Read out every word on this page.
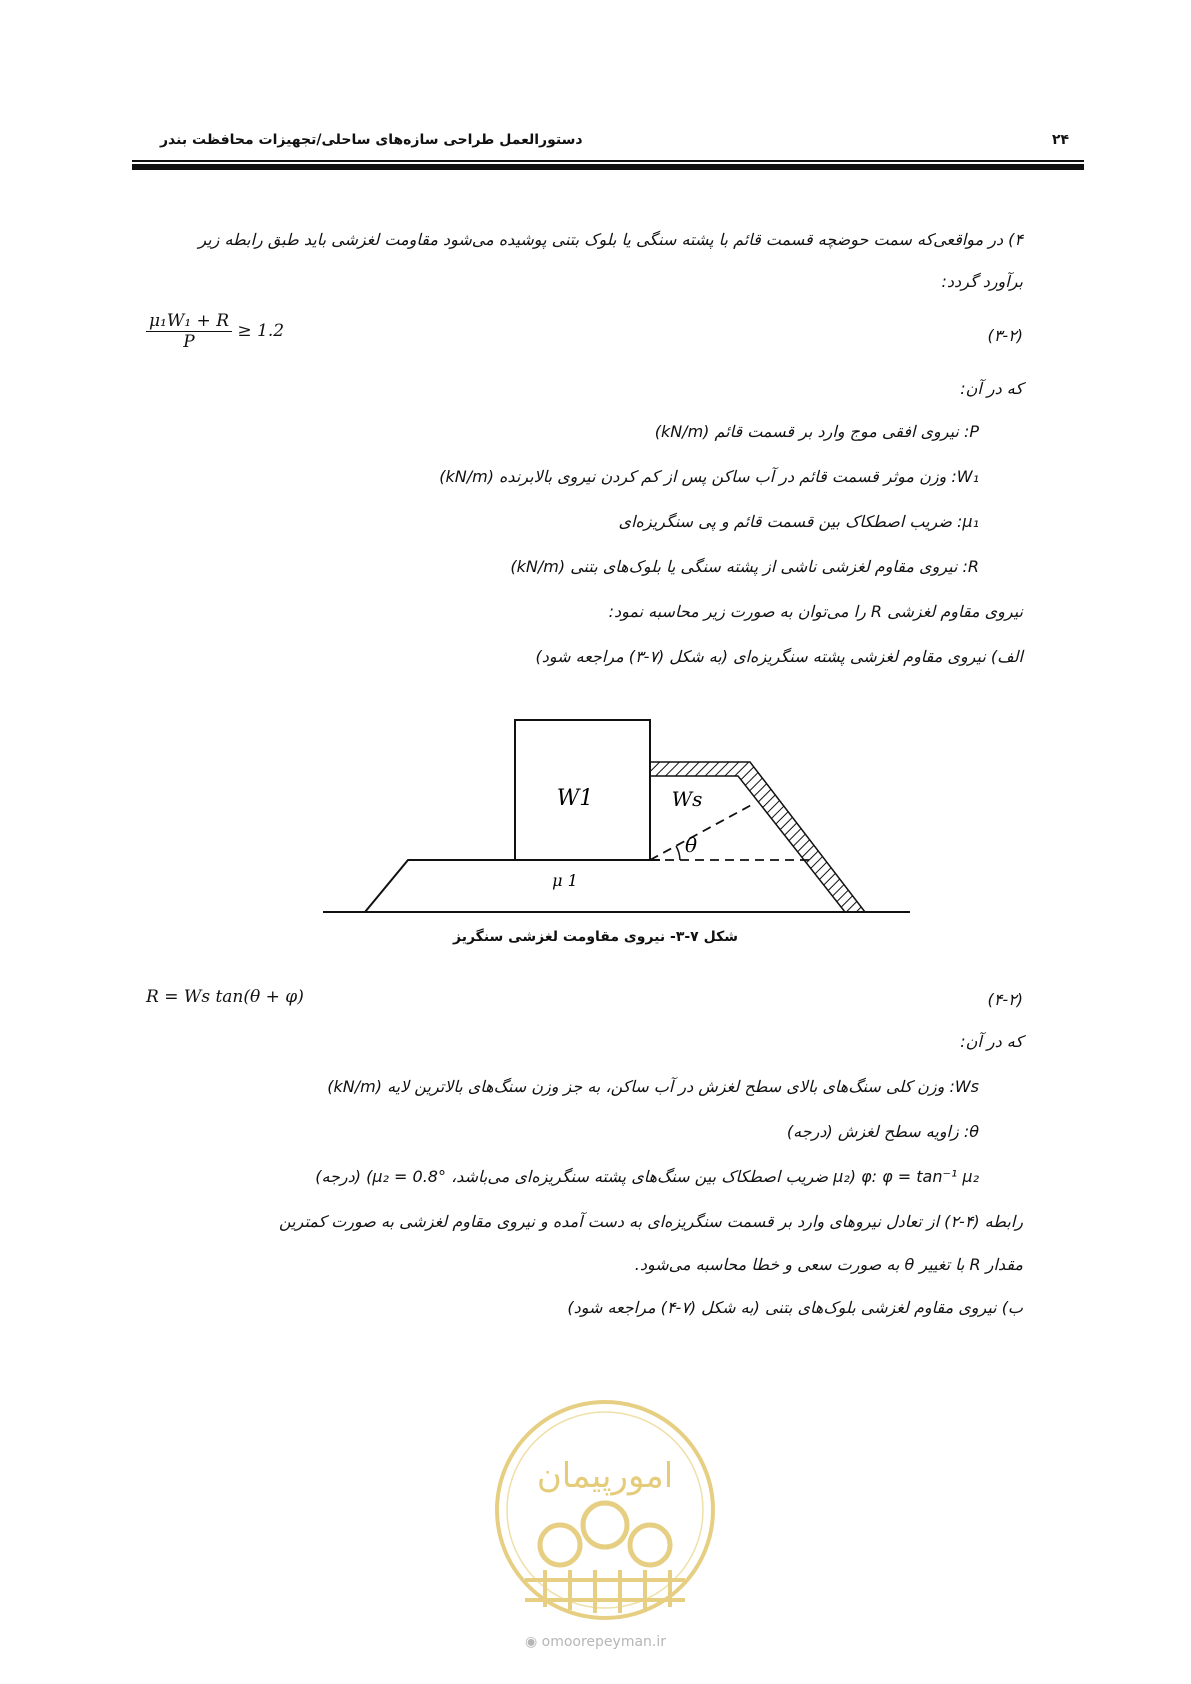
دستورالعمل طراحی سازه‌های ساحلی/تجهیزات محافظت بندر	۲۴
۴) در مواقعی‌که سمت حوضچه قسمت قائم با پشته سنگی یا بلوک بتنی پوشیده می‌شود مقاومت لغزشی باید طبق رابطه زیر
برآورد گردد:
$\frac{\text{μ₁W₁ + R}}{P} \ge 1.2$	(۳-۲)
که در آن:
P: نیروی افقی موج وارد بر قسمت قائم (kN/m)
W₁: وزن موثر قسمت قائم در آب ساکن پس از کم کردن نیروی بالابرنده (kN/m)
μ₁: ضریب اصطکاک بین قسمت قائم و پی سنگریزه‌ای
R: نیروی مقاوم لغزشی ناشی از پشته سنگی یا بلوک‌های بتنی (kN/m)
نیروی مقاوم لغزشی R را می‌توان به صورت زیر محاسبه نمود:
الف) نیروی مقاوم لغزشی پشته سنگریزه‌ای (به شکل (۷-۳) مراجعه شود)
W1	Ws
θ
μ 1
شکل ۷-۳- نیروی مقاومت لغزشی سنگریز
R = Ws tan(θ + φ)	(۴-۲)
که در آن:
Ws: وزن کلی سنگ‌های بالای سطح لغزش در آب ساکن، به جز وزن سنگ‌های بالاترین لایه (kN/m)
θ: زاویه سطح لغزش (درجه)
φ: φ = tan⁻¹ μ₂ (μ₂ ضریب اصطکاک بین سنگ‌های پشته سنگریزه‌ای می‌باشد، μ₂ = 0.8°) (درجه)
رابطه (۴-۲) از تعادل نیروهای وارد بر قسمت سنگریزه‌ای به دست آمده و نیروی مقاوم لغزشی به صورت کمترین
مقدار R با تغییر θ به صورت سعی و خطا محاسبه می‌شود.
ب) نیروی مقاوم لغزشی بلوک‌های بتنی (به شکل (۷-۴) مراجعه شود)
امورپیمان
◉ omoorepeyman.ir
